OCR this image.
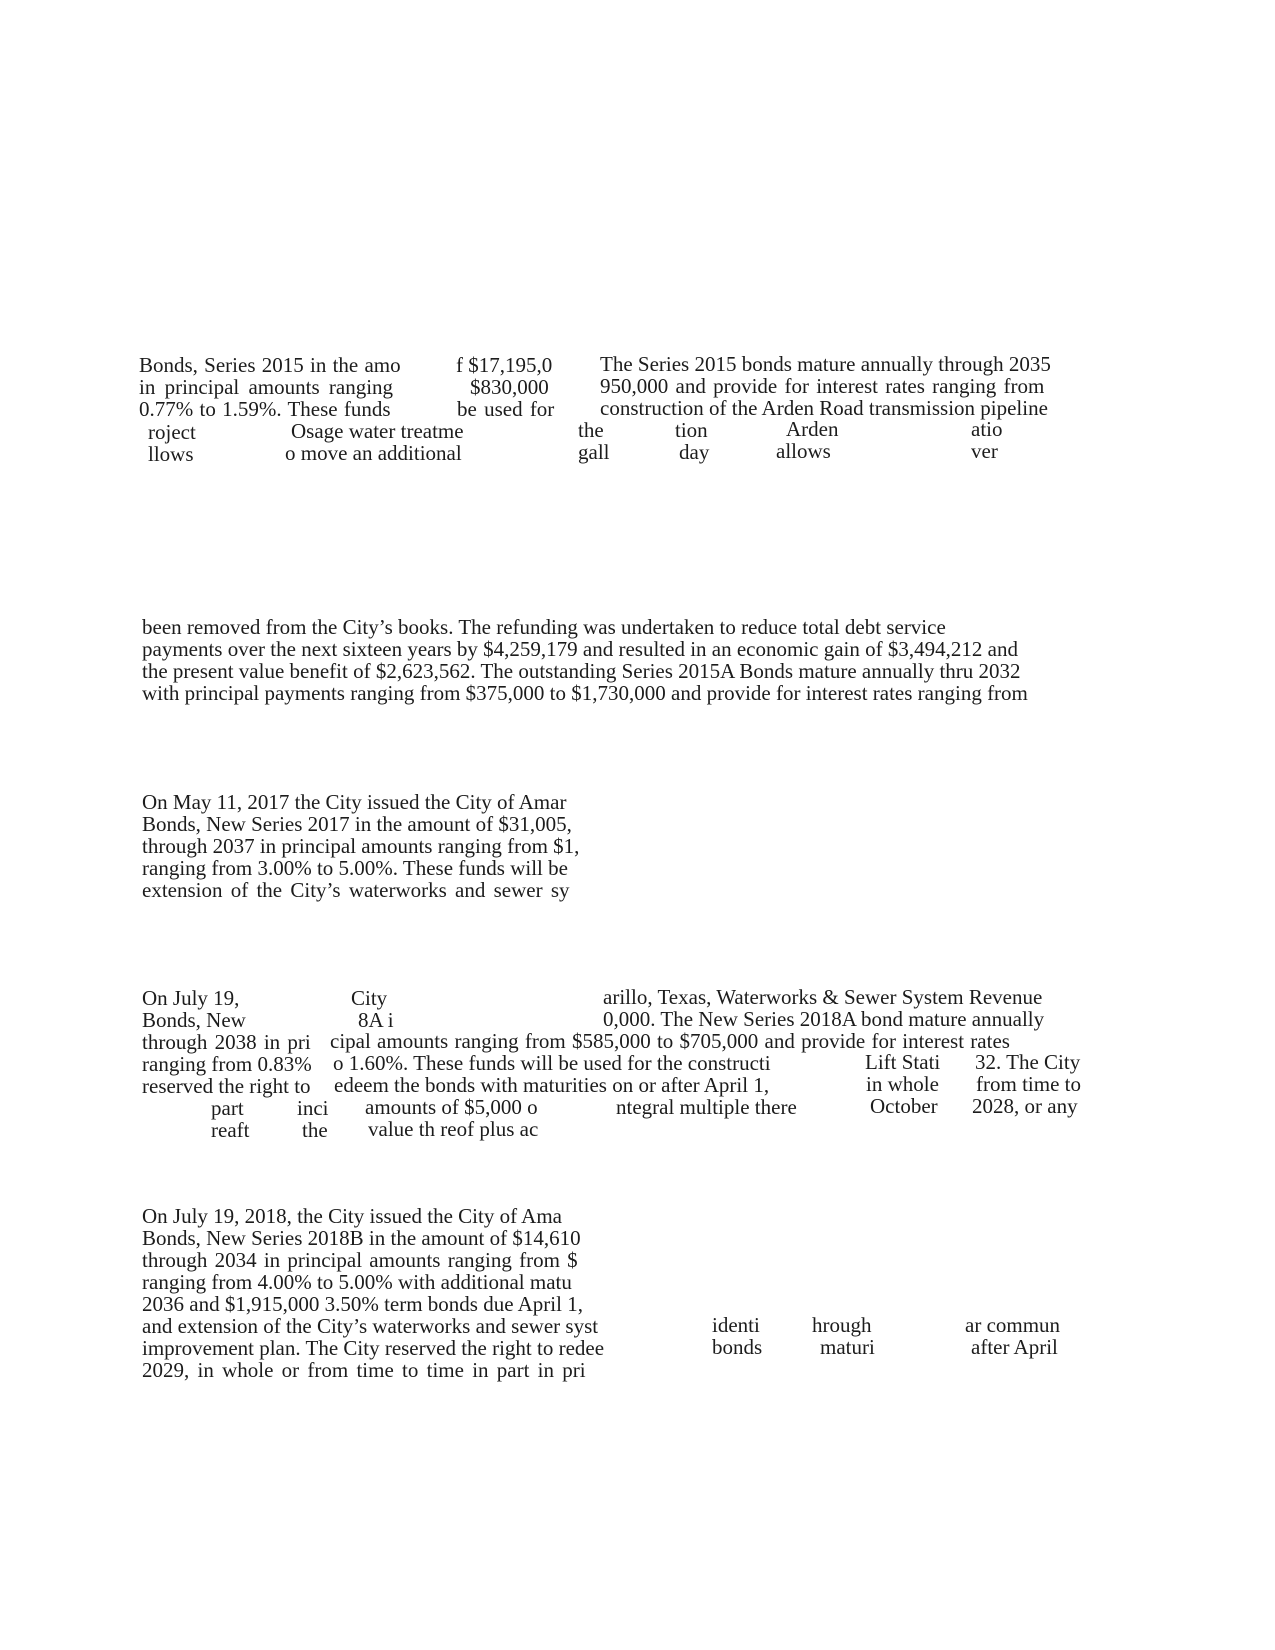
Bonds, Series 2015 in the amo
in principal amounts ranging
0.77% to 1.59%. These funds
f $17,195,0
$830,000
be used for
The Series 2015 bonds mature annually through 2035
950,000 and provide for interest rates ranging from
construction of the Arden Road transmission pipeline
roject	Osage water treatme	the	tion	Arden	atio
llows	o move an additional	gall	day	allows	ver
been removed from the City’s books. The refunding was undertaken to reduce total debt service
payments over the next sixteen years by $4,259,179 and resulted in an economic gain of $3,494,212 and
the present value benefit of $2,623,562. The outstanding Series 2015A Bonds mature annually thru 2032
with principal payments ranging from $375,000 to $1,730,000 and provide for interest rates ranging from
On May 11, 2017 the City issued the City of Amar
Bonds, New Series 2017 in the amount of $31,005,
through 2037 in principal amounts ranging from $1,
ranging from 3.00% to 5.00%. These funds will be
extension of the City’s waterworks and sewer sy
On July 19,	City	arillo, Texas, Waterworks & Sewer System Revenue
Bonds, New	8A i	0,000. The New Series 2018A bond mature annually
through 2038 in pri cipal amounts ranging from $585,000 to $705,000 and provide for interest rates
ranging from 0.83% o 1.60%. These funds will be used for the constructi	Lift Stati 32. The City
reserved the right to edeem the bonds with maturities on or after April 1,	in whole from time to
part	inci amounts of $5,000 o	ntegral multiple there	October 2028, or any
reaft	the value th reof plus ac
On July 19, 2018, the City issued the City of Ama
Bonds, New Series 2018B in the amount of $14,610
through 2034 in principal amounts ranging from $
ranging from 4.00% to 5.00% with additional matu
2036 and $1,915,000 3.50% term bonds due April 1,
and extension of the City’s waterworks and sewer syst
improvement plan. The City reserved the right to redee
2029, in whole or from time to time in part in pri
identi hrough	ar commun
bonds	maturi	after April
